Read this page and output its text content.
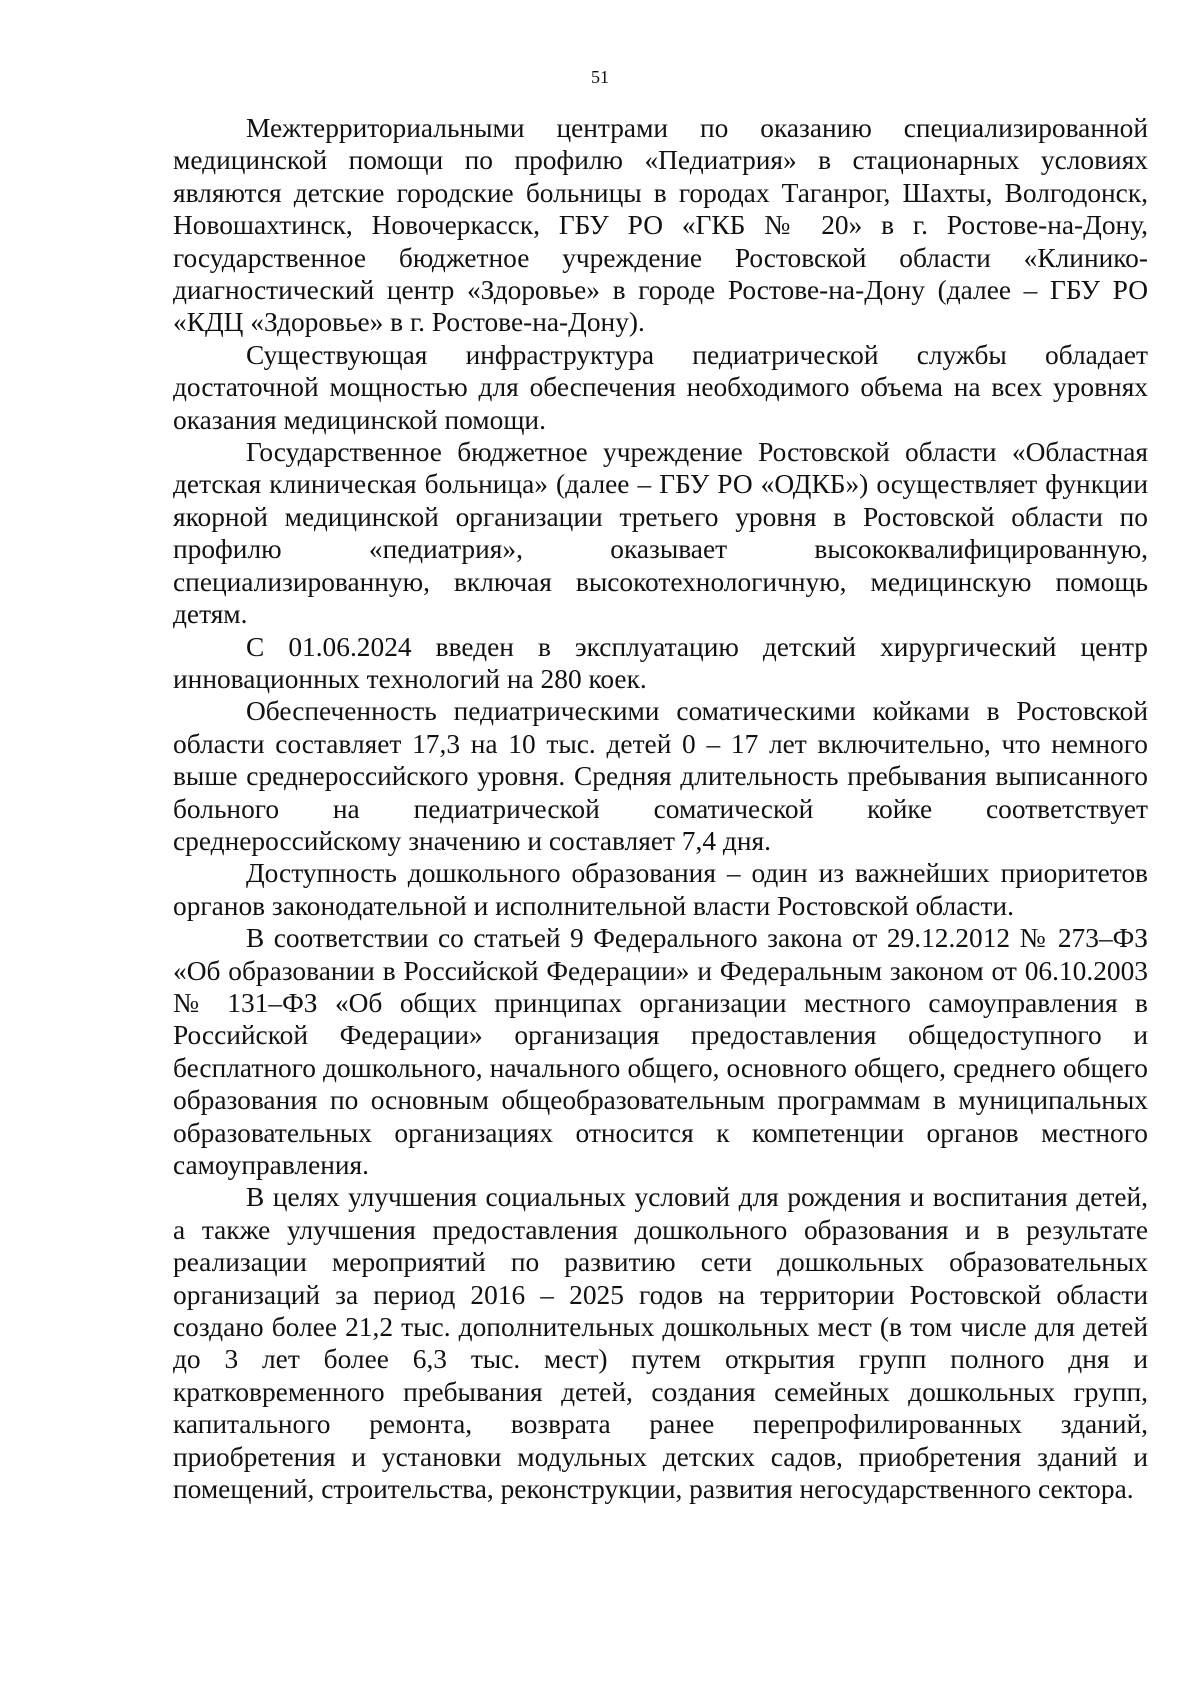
51

Межтерриториальными центрами по оказанию специализированной медицинской помощи по профилю «Педиатрия» в стационарных условиях являются детские городские больницы в городах Таганрог, Шахты, Волгодонск, Новошахтинск, Новочеркасск, ГБУ РО «ГКБ № 20» в г. Ростове-на-Дону, государственное бюджетное учреждение Ростовской области «Клинико-диагностический центр «Здоровье» в городе Ростове-на-Дону (далее – ГБУ РО «КДЦ «Здоровье» в г. Ростове-на-Дону).

Существующая инфраструктура педиатрической службы обладает достаточной мощностью для обеспечения необходимого объема на всех уровнях оказания медицинской помощи.

Государственное бюджетное учреждение Ростовской области «Областная детская клиническая больница» (далее – ГБУ РО «ОДКБ») осуществляет функции якорной медицинской организации третьего уровня в Ростовской области по профилю «педиатрия», оказывает высококвалифицированную, специализированную, включая высокотехнологичную, медицинскую помощь детям.

С 01.06.2024 введен в эксплуатацию детский хирургический центр инновационных технологий на 280 коек.

Обеспеченность педиатрическими соматическими койками в Ростовской области составляет 17,3 на 10 тыс. детей 0 – 17 лет включительно, что немного выше среднероссийского уровня. Средняя длительность пребывания выписанного больного на педиатрической соматической койке соответствует среднероссийскому значению и составляет 7,4 дня.

Доступность дошкольного образования – один из важнейших приоритетов органов законодательной и исполнительной власти Ростовской области.

В соответствии со статьей 9 Федерального закона от 29.12.2012 № 273–ФЗ «Об образовании в Российской Федерации» и Федеральным законом от 06.10.2003 № 131–ФЗ «Об общих принципах организации местного самоуправления в Российской Федерации» организация предоставления общедоступного и бесплатного дошкольного, начального общего, основного общего, среднего общего образования по основным общеобразовательным программам в муниципальных образовательных организациях относится к компетенции органов местного самоуправления.

В целях улучшения социальных условий для рождения и воспитания детей, а также улучшения предоставления дошкольного образования и в результате реализации мероприятий по развитию сети дошкольных образовательных организаций за период 2016 – 2025 годов на территории Ростовской области создано более 21,2 тыс. дополнительных дошкольных мест (в том числе для детей до 3 лет более 6,3 тыс. мест) путем открытия групп полного дня и кратковременного пребывания детей, создания семейных дошкольных групп, капитального ремонта, возврата ранее перепрофилированных зданий, приобретения и установки модульных детских садов, приобретения зданий и помещений, строительства, реконструкции, развития негосударственного сектора.
